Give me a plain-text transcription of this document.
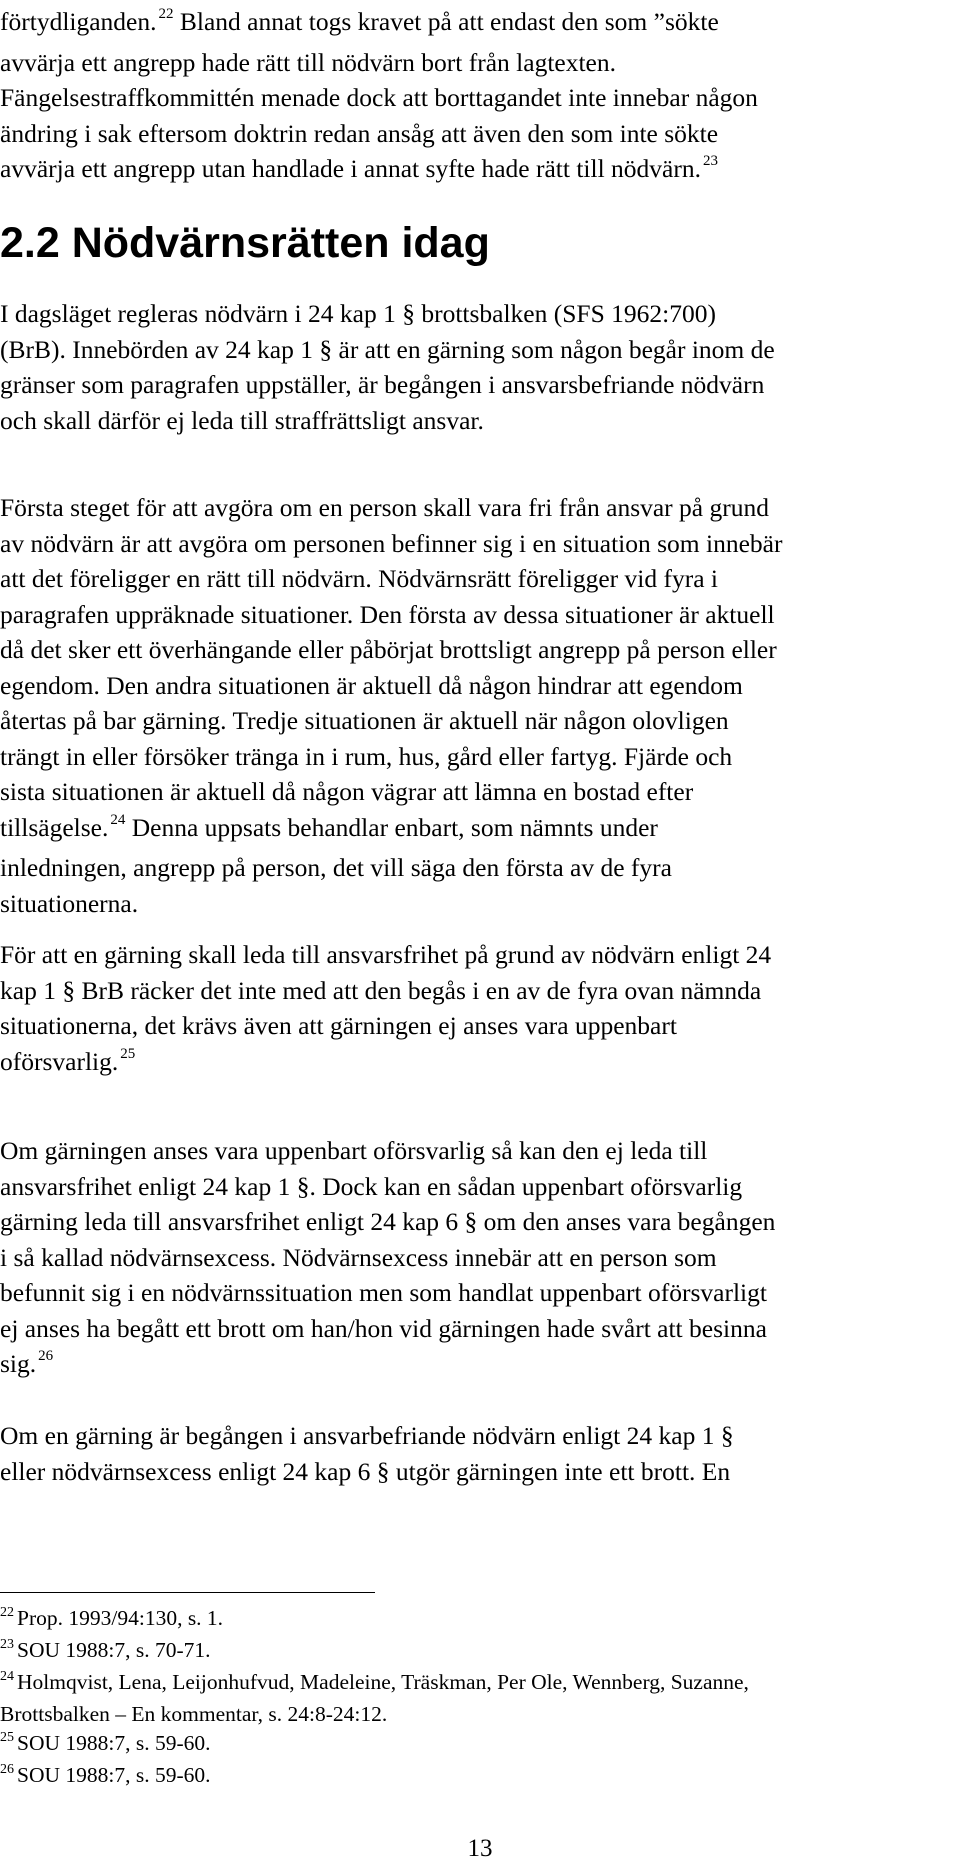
förtydliganden. $^{22}$ Bland annat togs kravet på att endast den som ”sökte
avvärja ett angrepp hade rätt till nödvärn bort från lagtexten.
Fängelsestraffkommittén menade dock att borttagandet inte innebar någon
ändring i sak eftersom doktrin redan ansåg att även den som inte sökte
avvärja ett angrepp utan handlade i annat syfte hade rätt till nödvärn. $^{23}$
2.2 Nödvärnsrätten idag
I dagsläget regleras nödvärn i 24 kap 1 § brottsbalken (SFS 1962:700)
(BrB). Innebörden av 24 kap 1 § är att en gärning som någon begår inom de
gränser som paragrafen uppställer, är begången i ansvarsbefriande nödvärn
och skall därför ej leda till straffrättsligt ansvar.
Första steget för att avgöra om en person skall vara fri från ansvar på grund
av nödvärn är att avgöra om personen befinner sig i en situation som innebär
att det föreligger en rätt till nödvärn. Nödvärnsrätt föreligger vid fyra i
paragrafen uppräknade situationer. Den första av dessa situationer är aktuell
då det sker ett överhängande eller påbörjat brottsligt angrepp på person eller
egendom. Den andra situationen är aktuell då någon hindrar att egendom
återtas på bar gärning. Tredje situationen är aktuell när någon olovligen
trängt in eller försöker tränga in i rum, hus, gård eller fartyg. Fjärde och
sista situationen är aktuell då någon vägrar att lämna en bostad efter
tillsägelse. $^{24}$ Denna uppsats behandlar enbart, som nämnts under
inledningen, angrepp på person, det vill säga den första av de fyra
situationerna.
För att en gärning skall leda till ansvarsfrihet på grund av nödvärn enligt 24
kap 1 § BrB räcker det inte med att den begås i en av de fyra ovan nämnda
situationerna, det krävs även att gärningen ej anses vara uppenbart
oförsvarlig. $^{25}$
Om gärningen anses vara uppenbart oförsvarlig så kan den ej leda till
ansvarsfrihet enligt 24 kap 1 §. Dock kan en sådan uppenbart oförsvarlig
gärning leda till ansvarsfrihet enligt 24 kap 6 § om den anses vara begången
i så kallad nödvärnsexcess. Nödvärnsexcess innebär att en person som
befunnit sig i en nödvärnssituation men som handlat uppenbart oförsvarligt
ej anses ha begått ett brott om han/hon vid gärningen hade svårt att besinna
sig. $^{26}$
Om en gärning är begången i ansvarbefriande nödvärn enligt 24 kap 1 §
eller nödvärnsexcess enligt 24 kap 6 § utgör gärningen inte ett brott. En
$^{22}$ Prop. 1993/94:130, s. 1.
$^{23}$ SOU 1988:7, s. 70-71.
$^{24}$ Holmqvist, Lena, Leijonhufvud, Madeleine, Träskman, Per Ole, Wennberg, Suzanne,
Brottsbalken – En kommentar, s. 24:8-24:12.
$^{25}$ SOU 1988:7, s. 59-60.
$^{26}$ SOU 1988:7, s. 59-60.
13
